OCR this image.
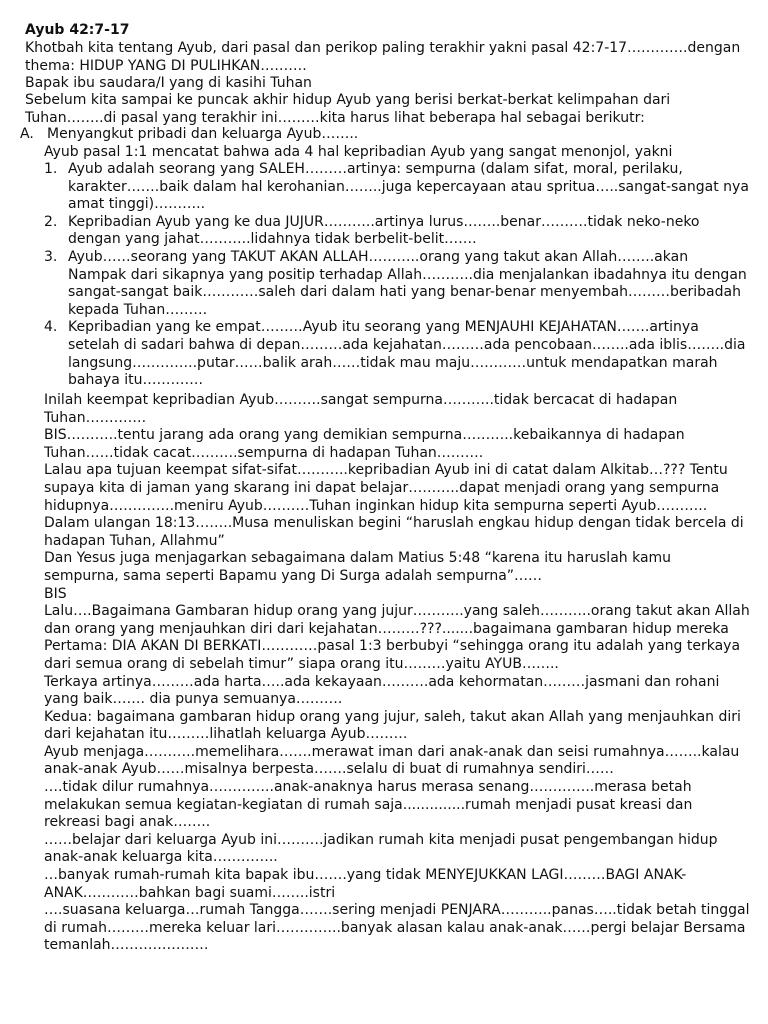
Ayub 42:7-17

Khotbah kita tentang Ayub, dari pasal dan perikop paling terakhir yakni pasal 42:7-17………….dengan thema: HIDUP YANG DI PULIHKAN……….

Bapak ibu saudara/I yang di kasihi Tuhan

Sebelum kita sampai ke puncak akhir hidup Ayub yang berisi berkat-berkat kelimpahan dari Tuhan……..di pasal yang terakhir ini………kita harus lihat beberapa hal sebagai berikutr:

A. Menyangkut pribadi dan keluarga Ayub……..

Ayub pasal 1:1 mencatat bahwa ada 4 hal kepribadian Ayub yang sangat menonjol, yakni

1. Ayub adalah seorang yang SALEH………artinya: sempurna (dalam sifat, moral, perilaku, karakter…….baik dalam hal kerohanian……..juga kepercayaan atau spritua…..sangat-sangat nya amat tinggi)………..
2. Kepribadian Ayub yang ke dua JUJUR………..artinya lurus……..benar……….tidak neko-neko dengan yang jahat………..lidahnya tidak berbelit-belit…….
3. Ayub……seorang yang TAKUT AKAN ALLAH………..orang yang takut akan Allah……..akan Nampak dari sikapnya yang positip terhadap Allah………..dia menjalankan ibadahnya itu dengan sangat-sangat baik…………saleh dari dalam hati yang benar-benar menyembah………beribadah kepada Tuhan………
4. Kepribadian yang ke empat………Ayub itu seorang yang MENJAUHI KEJAHATAN…….artinya setelah di sadari bahwa di depan………ada kejahatan………ada pencobaan……..ada iblis……..dia langsung…………..putar……balik arah……tidak mau maju…………untuk mendapatkan marah bahaya itu………….

Inilah keempat kepribadian Ayub……….sangat sempurna………..tidak bercacat di hadapan Tuhan………….

BIS………..tentu jarang ada orang yang demikian sempurna………..kebaikannya di hadapan Tuhan……tidak cacat……….sempurna di hadapan Tuhan……….

Lalau apa tujuan keempat sifat-sifat………..kepribadian Ayub ini di catat dalam Alkitab…??? Tentu supaya kita di jaman yang skarang ini dapat belajar………..dapat menjadi orang yang sempurna hidupnya…………..meniru Ayub……….Tuhan inginkan hidup kita sempurna seperti Ayub………..

Dalam ulangan 18:13……..Musa menuliskan begini “haruslah engkau hidup dengan tidak bercela di hadapan Tuhan, Allahmu”

Dan Yesus juga menjagarkan sebagaimana dalam Matius 5:48 “karena itu haruslah kamu sempurna, sama seperti Bapamu yang Di Surga adalah sempurna”……

BIS

Lalu….Bagaimana Gambaran hidup orang yang jujur………..yang saleh………..orang takut akan Allah dan orang yang menjauhkan diri dari kejahatan………???.......bagaimana gambaran hidup mereka

Pertama: DIA AKAN DI BERKATI…………pasal 1:3 berbubyi “sehingga orang itu adalah yang terkaya dari semua orang di sebelah timur” siapa orang itu………yaitu AYUB……..

Terkaya artinya………ada harta…..ada kekayaan……….ada kehormatan………jasmani dan rohani yang baik……. dia punya semuanya……….

Kedua: bagaimana gambaran hidup orang yang jujur, saleh, takut akan Allah yang menjauhkan diri dari kejahatan itu………lihatlah keluarga Ayub………

Ayub menjaga………..memelihara…….merawat iman dari anak-anak dan seisi rumahnya……..kalau anak-anak Ayub……misalnya berpesta…….selalu di buat di rumahnya sendiri……

….tidak dilur rumahnya…………..anak-anaknya harus merasa senang…………..merasa betah melakukan semua kegiatan-kegiatan di rumah saja..............rumah menjadi pusat kreasi dan rekreasi bagi anak……..

……belajar dari keluarga Ayub ini……….jadikan rumah kita menjadi pusat pengembangan hidup anak-anak keluarga kita…………..

…banyak rumah-rumah kita bapak ibu…….yang tidak MENYEJUKKAN LAGI………BAGI ANAK-ANAK…………bahkan bagi suami……..istri

….suasana keluarga…rumah Tangga…….sering menjadi PENJARA………..panas…..tidak betah tinggal di rumah………mereka keluar lari…………..banyak alasan kalau anak-anak……pergi belajar Bersama temanlah…………………
